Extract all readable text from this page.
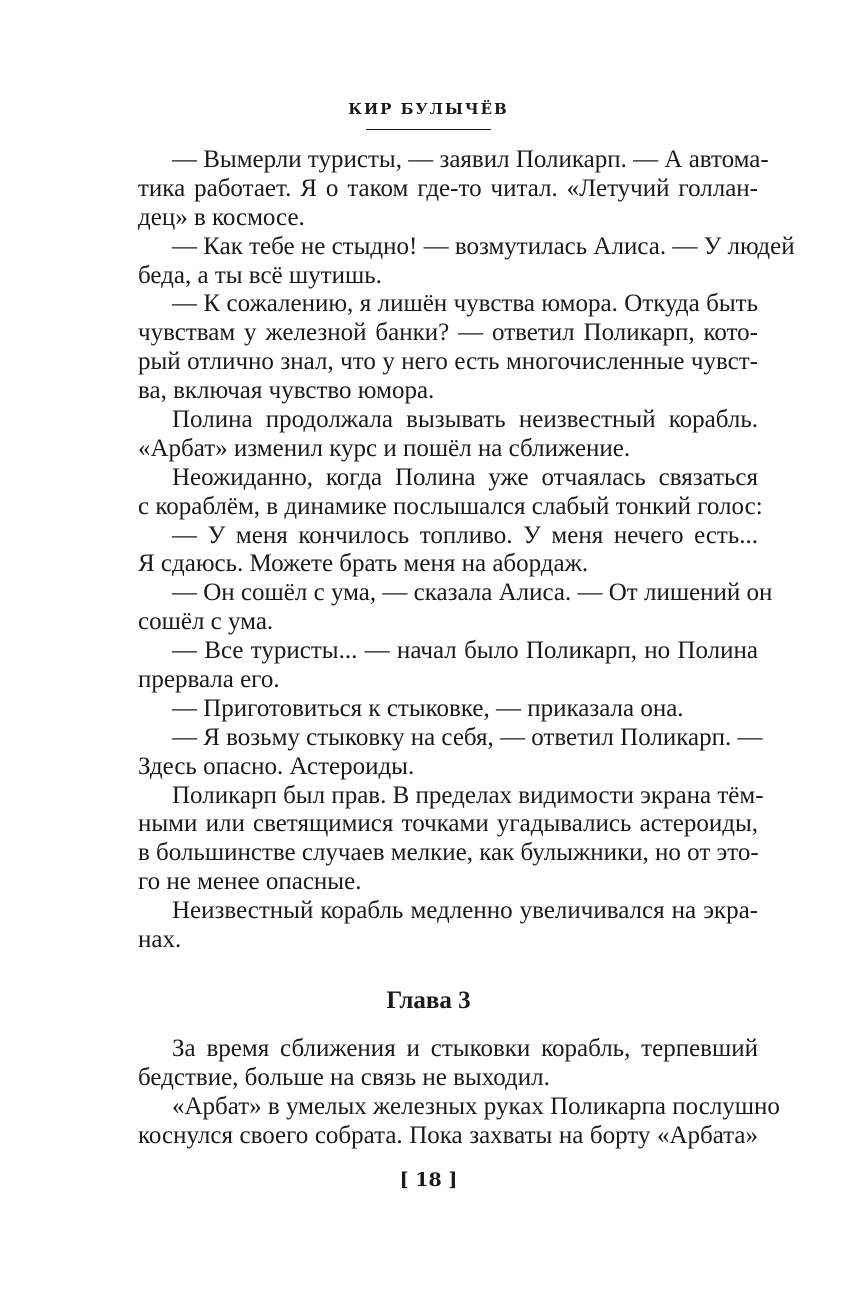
КИР БУЛЫЧЁВ
— Вымерли туристы, — заявил Поликарп. — А автома-
тика работает. Я о таком где-то читал. «Летучий голлан-
дец» в космосе.
— Как тебе не стыдно! — возмутилась Алиса. — У людей
беда, а ты всё шутишь.
— К сожалению, я лишён чувства юмора. Откуда быть
чувствам у железной банки? — ответил Поликарп, кото-
рый отлично знал, что у него есть многочисленные чувст-
ва, включая чувство юмора.
Полина продолжала вызывать неизвестный корабль.
«Арбат» изменил курс и пошёл на сближение.
Неожиданно, когда Полина уже отчаялась связаться
с кораблём, в динамике послышался слабый тонкий голос:
— У меня кончилось топливо. У меня нечего есть...
Я сдаюсь. Можете брать меня на абордаж.
— Он сошёл с ума, — сказала Алиса. — От лишений он
сошёл с ума.
— Все туристы... — начал было Поликарп, но Полина
прервала его.
— Приготовиться к стыковке, — приказала она.
— Я возьму стыковку на себя, — ответил Поликарп. —
Здесь опасно. Астероиды.
Поликарп был прав. В пределах видимости экрана тём-
ными или светящимися точками угадывались астероиды,
в большинстве случаев мелкие, как булыжники, но от это-
го не менее опасные.
Неизвестный корабль медленно увеличивался на экра-
нах.
Глава 3
За время сближения и стыковки корабль, терпевший
бедствие, больше на связь не выходил.
«Арбат» в умелых железных руках Поликарпа послушно
коснулся своего собрата. Пока захваты на борту «Арбата»
[ 18 ]
